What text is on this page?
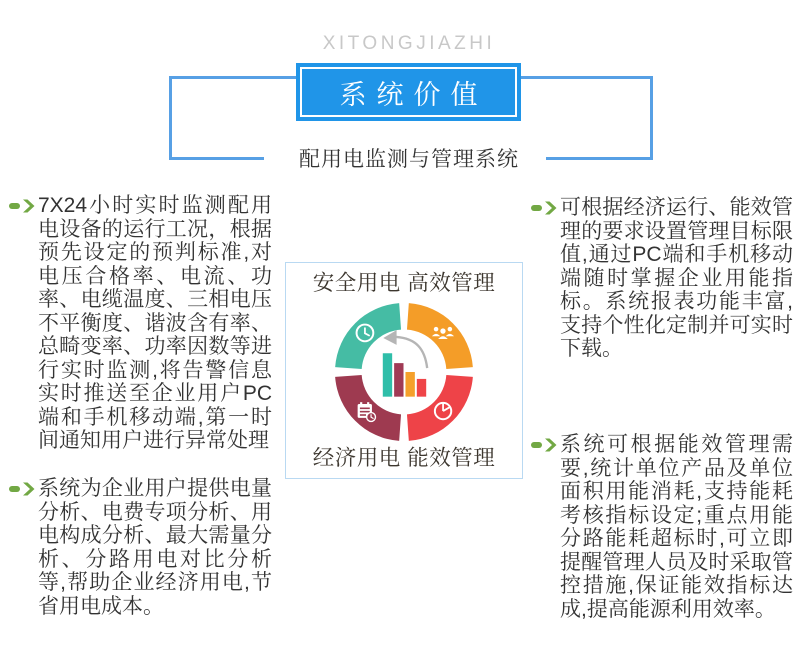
XITONGJIAZHI
系统价值
配用电监测与管理系统

7X24小时实时监测配用电设备的运行工况，根据预先设定的预判标准,对电压合格率、电流、功率、电缆温度、三相电压不平衡度、谐波含有率、总畸变率、功率因数等进行实时监测,将告警信息实时推送至企业用户PC端和手机移动端,第一时间通知用户进行异常处理

系统为企业用户提供电量分析、电费专项分析、用电构成分析、最大需量分析、分路用电对比分析等,帮助企业经济用电,节省用电成本。

可根据经济运行、能效管理的要求设置管理目标限值,通过PC端和手机移动端随时掌握企业用能指标。系统报表功能丰富,支持个性化定制并可实时下载。

系统可根据能效管理需要,统计单位产品及单位面积用能消耗,支持能耗考核指标设定;重点用能分路能耗超标时,可立即提醒管理人员及时采取管控措施,保证能效指标达成,提高能源利用效率。

安全用电 高效管理
经济用电 能效管理
